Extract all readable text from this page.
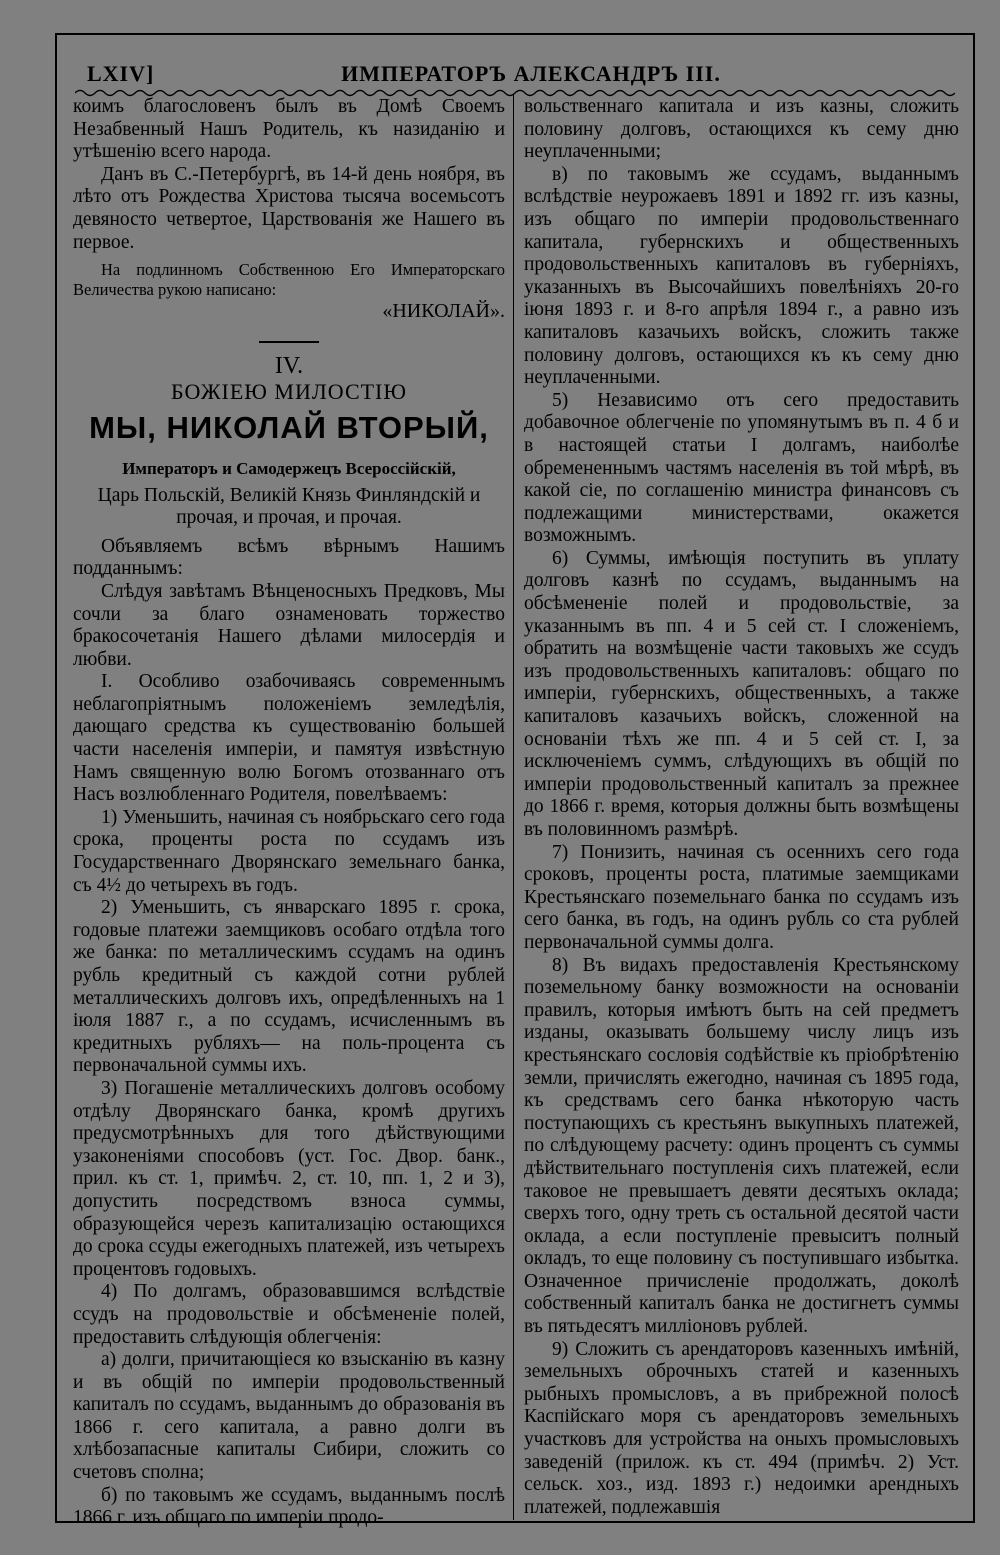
LXIV]	ИМПЕРАТОРЪ АЛЕКСАНДРЪ III.

коимъ благословенъ былъ въ Домѣ Своемъ Незабвенный Нашъ Родитель, къ назиданію и утѣшенію всего народа.

Данъ въ С.-Петербургѣ, въ 14-й день ноября, въ лѣто отъ Рождества Христова тысяча восемьсотъ девяносто четвертое, Царствованія же Нашего въ первое.

На подлинномъ Собственною Его Императорскаго Величества рукою написано:

«НИКОЛАЙ».

IV.

БОЖІЕЮ МИЛОСТІЮ

МЫ, НИКОЛАЙ ВТОРЫЙ,

Императоръ и Самодержецъ Всероссійскій,

Царь Польскій, Великій Князь Финляндскій и прочая, и прочая, и прочая.

Объявляемъ всѣмъ вѣрнымъ Нашимъ подданнымъ:

Слѣдуя завѣтамъ Вѣнценосныхъ Предковъ, Мы сочли за благо ознаменовать торжество бракосочетанія Нашего дѣлами милосердія и любви.

I. Особливо озабочиваясь современнымъ неблагопріятнымъ положеніемъ земледѣлія, дающаго средства къ существованію большей части населенія имперіи, и памятуя извѣстную Намъ священную волю Богомъ отозваннаго отъ Насъ возлюбленнаго Родителя, повелѣваемъ:

1) Уменьшить, начиная съ ноябрьскаго сего года срока, проценты роста по ссудамъ изъ Государственнаго Дворянскаго земельнаго банка, съ 4½ до четырехъ въ годъ.

2) Уменьшить, съ январскаго 1895 г. срока, годовые платежи заемщиковъ особаго отдѣла того же банка: по металлическимъ ссудамъ на одинъ рубль кредитный съ каждой сотни рублей металлическихъ долговъ ихъ, опредѣленныхъ на 1 іюля 1887 г., а по ссудамъ, исчисленнымъ въ кредитныхъ рубляхъ— на поль-процента съ первоначальной суммы ихъ.

3) Погашеніе металлическихъ долговъ особому отдѣлу Дворянскаго банка, кромѣ другихъ предусмотрѣнныхъ для того дѣйствующими узаконеніями способовъ (уст. Гос. Двор. банк., прил. къ ст. 1, примѣч. 2, ст. 10, пп. 1, 2 и 3), допустить посредствомъ взноса суммы, образующейся черезъ капитализацію остающихся до срока ссуды ежегодныхъ платежей, изъ четырехъ процентовъ годовыхъ.

4) По долгамъ, образовавшимся вслѣдствіе ссудъ на продовольствіе и обсѣмененіе полей, предоставить слѣдующія облегченія:

а) долги, причитающіеся ко взысканію въ казну и въ общій по имперіи продовольственный капиталъ по ссудамъ, выданнымъ до образованія въ 1866 г. сего капитала, а равно долги въ хлѣбозапасные капиталы Сибири, сложить со счетовъ сполна;

б) по таковымъ же ссудамъ, выданнымъ послѣ 1866 г. изъ общаго по имперіи продо-

вольственнаго капитала и изъ казны, сложить половину долговъ, остающихся къ сему дню неуплаченными;

в) по таковымъ же ссудамъ, выданнымъ вслѣдствіе неурожаевъ 1891 и 1892 гг. изъ казны, изъ общаго по имперіи продовольственнаго капитала, губернскихъ и общественныхъ продовольственныхъ капиталовъ въ губерніяхъ, указанныхъ въ Высочайшихъ повелѣніяхъ 20-го іюня 1893 г. и 8-го апрѣля 1894 г., а равно изъ капиталовъ казачьихъ войскъ, сложить также половину долговъ, остающихся къ къ сему дню неуплаченными.

5) Независимо отъ сего предоставить добавочное облегченіе по упомянутымъ въ п. 4 б и в настоящей статьи I долгамъ, наиболѣе обремененнымъ частямъ населенія въ той мѣрѣ, въ какой сіе, по соглашенію министра финансовъ съ подлежащими министерствами, окажется возможнымъ.

6) Суммы, имѣющія поступить въ уплату долговъ казнѣ по ссудамъ, выданнымъ на обсѣмененіе полей и продовольствіе, за указаннымъ въ пп. 4 и 5 сей ст. I сложеніемъ, обратить на возмѣщеніе части таковыхъ же ссудъ изъ продовольственныхъ капиталовъ: общаго по имперіи, губернскихъ, общественныхъ, а также капиталовъ казачьихъ войскъ, сложенной на основаніи тѣхъ же пп. 4 и 5 сей ст. I, за исключеніемъ суммъ, слѣдующихъ въ общій по имперіи продовольственный капиталъ за прежнее до 1866 г. время, которыя должны быть возмѣщены въ половинномъ размѣрѣ.

7) Понизить, начиная съ осеннихъ сего года сроковъ, проценты роста, платимые заемщиками Крестьянскаго поземельнаго банка по ссудамъ изъ сего банка, въ годъ, на одинъ рубль со ста рублей первоначальной суммы долга.

8) Въ видахъ предоставленія Крестьянскому поземельному банку возможности на основаніи правилъ, которыя имѣютъ быть на сей предметъ изданы, оказывать большему числу лицъ изъ крестьянскаго сословія содѣйствіе къ пріобрѣтенію земли, причислять ежегодно, начиная съ 1895 года, къ средствамъ сего банка нѣкоторую часть поступающихъ съ крестьянъ выкупныхъ платежей, по слѣдующему расчету: одинъ процентъ съ суммы дѣйствительнаго поступленія сихъ платежей, если таковое не превышаетъ девяти десятыхъ оклада; сверхъ того, одну треть съ остальной десятой части оклада, а если поступленіе превыситъ полный окладъ, то еще половину съ поступившаго избытка. Означенное причисленіе продолжать, доколѣ собственный капиталъ банка не достигнетъ суммы въ пятьдесятъ милліоновъ рублей.

9) Сложить съ арендаторовъ казенныхъ имѣній, земельныхъ оброчныхъ статей и казенныхъ рыбныхъ промысловъ, а въ прибрежной полосѣ Каспійскаго моря съ арендаторовъ земельныхъ участковъ для устройства на оныхъ промысловыхъ заведеній (прилож. къ ст. 494 (примѣч. 2) Уст. сельск. хоз., изд. 1893 г.) недоимки арендныхъ платежей, подлежавшія
